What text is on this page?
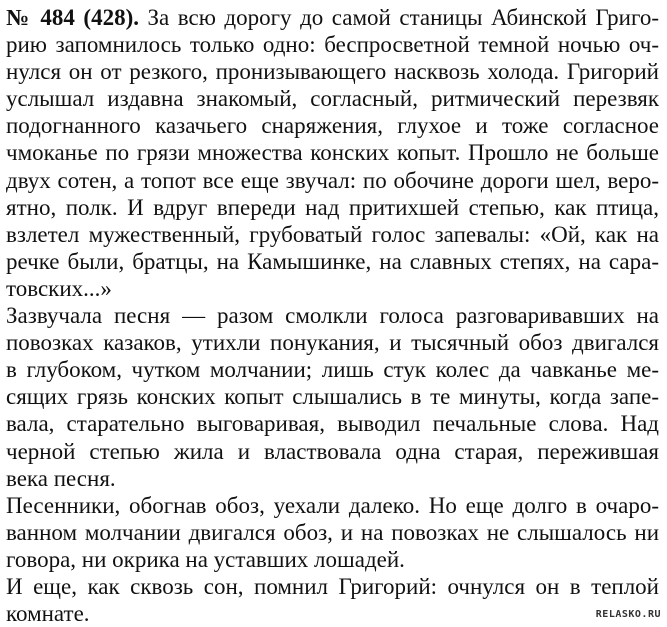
№ 484 (428). За всю дорогу до самой станицы Абинской Григо-
рию запомнилось только одно: беспросветной темной ночью оч-
нулся он от резкого, пронизывающего насквозь холода. Григорий
услышал издавна знакомый, согласный, ритмический перезвяк
подогнанного казачьего снаряжения, глухое и тоже согласное
чмоканье по грязи множества конских копыт. Прошло не больше
двух сотен, а топот все еще звучал: по обочине дороги шел, веро-
ятно, полк. И вдруг впереди над притихшей степью, как птица,
взлетел мужественный, грубоватый голос запевалы: «Ой, как на
речке были, братцы, на Камышинке, на славных степях, на сара-
товских...»
Зазвучала песня — разом смолкли голоса разговаривавших на
повозках казаков, утихли понукания, и тысячный обоз двигался
в глубоком, чутком молчании; лишь стук колес да чавканье ме-
сящих грязь конских копыт слышались в те минуты, когда запе-
вала, старательно выговаривая, выводил печальные слова. Над
черной степью жила и властвовала одна старая, пережившая
века песня.
Песенники, обогнав обоз, уехали далеко. Но еще долго в очаро-
ванном молчании двигался обоз, и на повозках не слышалось ни
говора, ни окрика на уставших лошадей.
И еще, как сквозь сон, помнил Григорий: очнулся он в теплой
комнате.	RELASKO.RU
